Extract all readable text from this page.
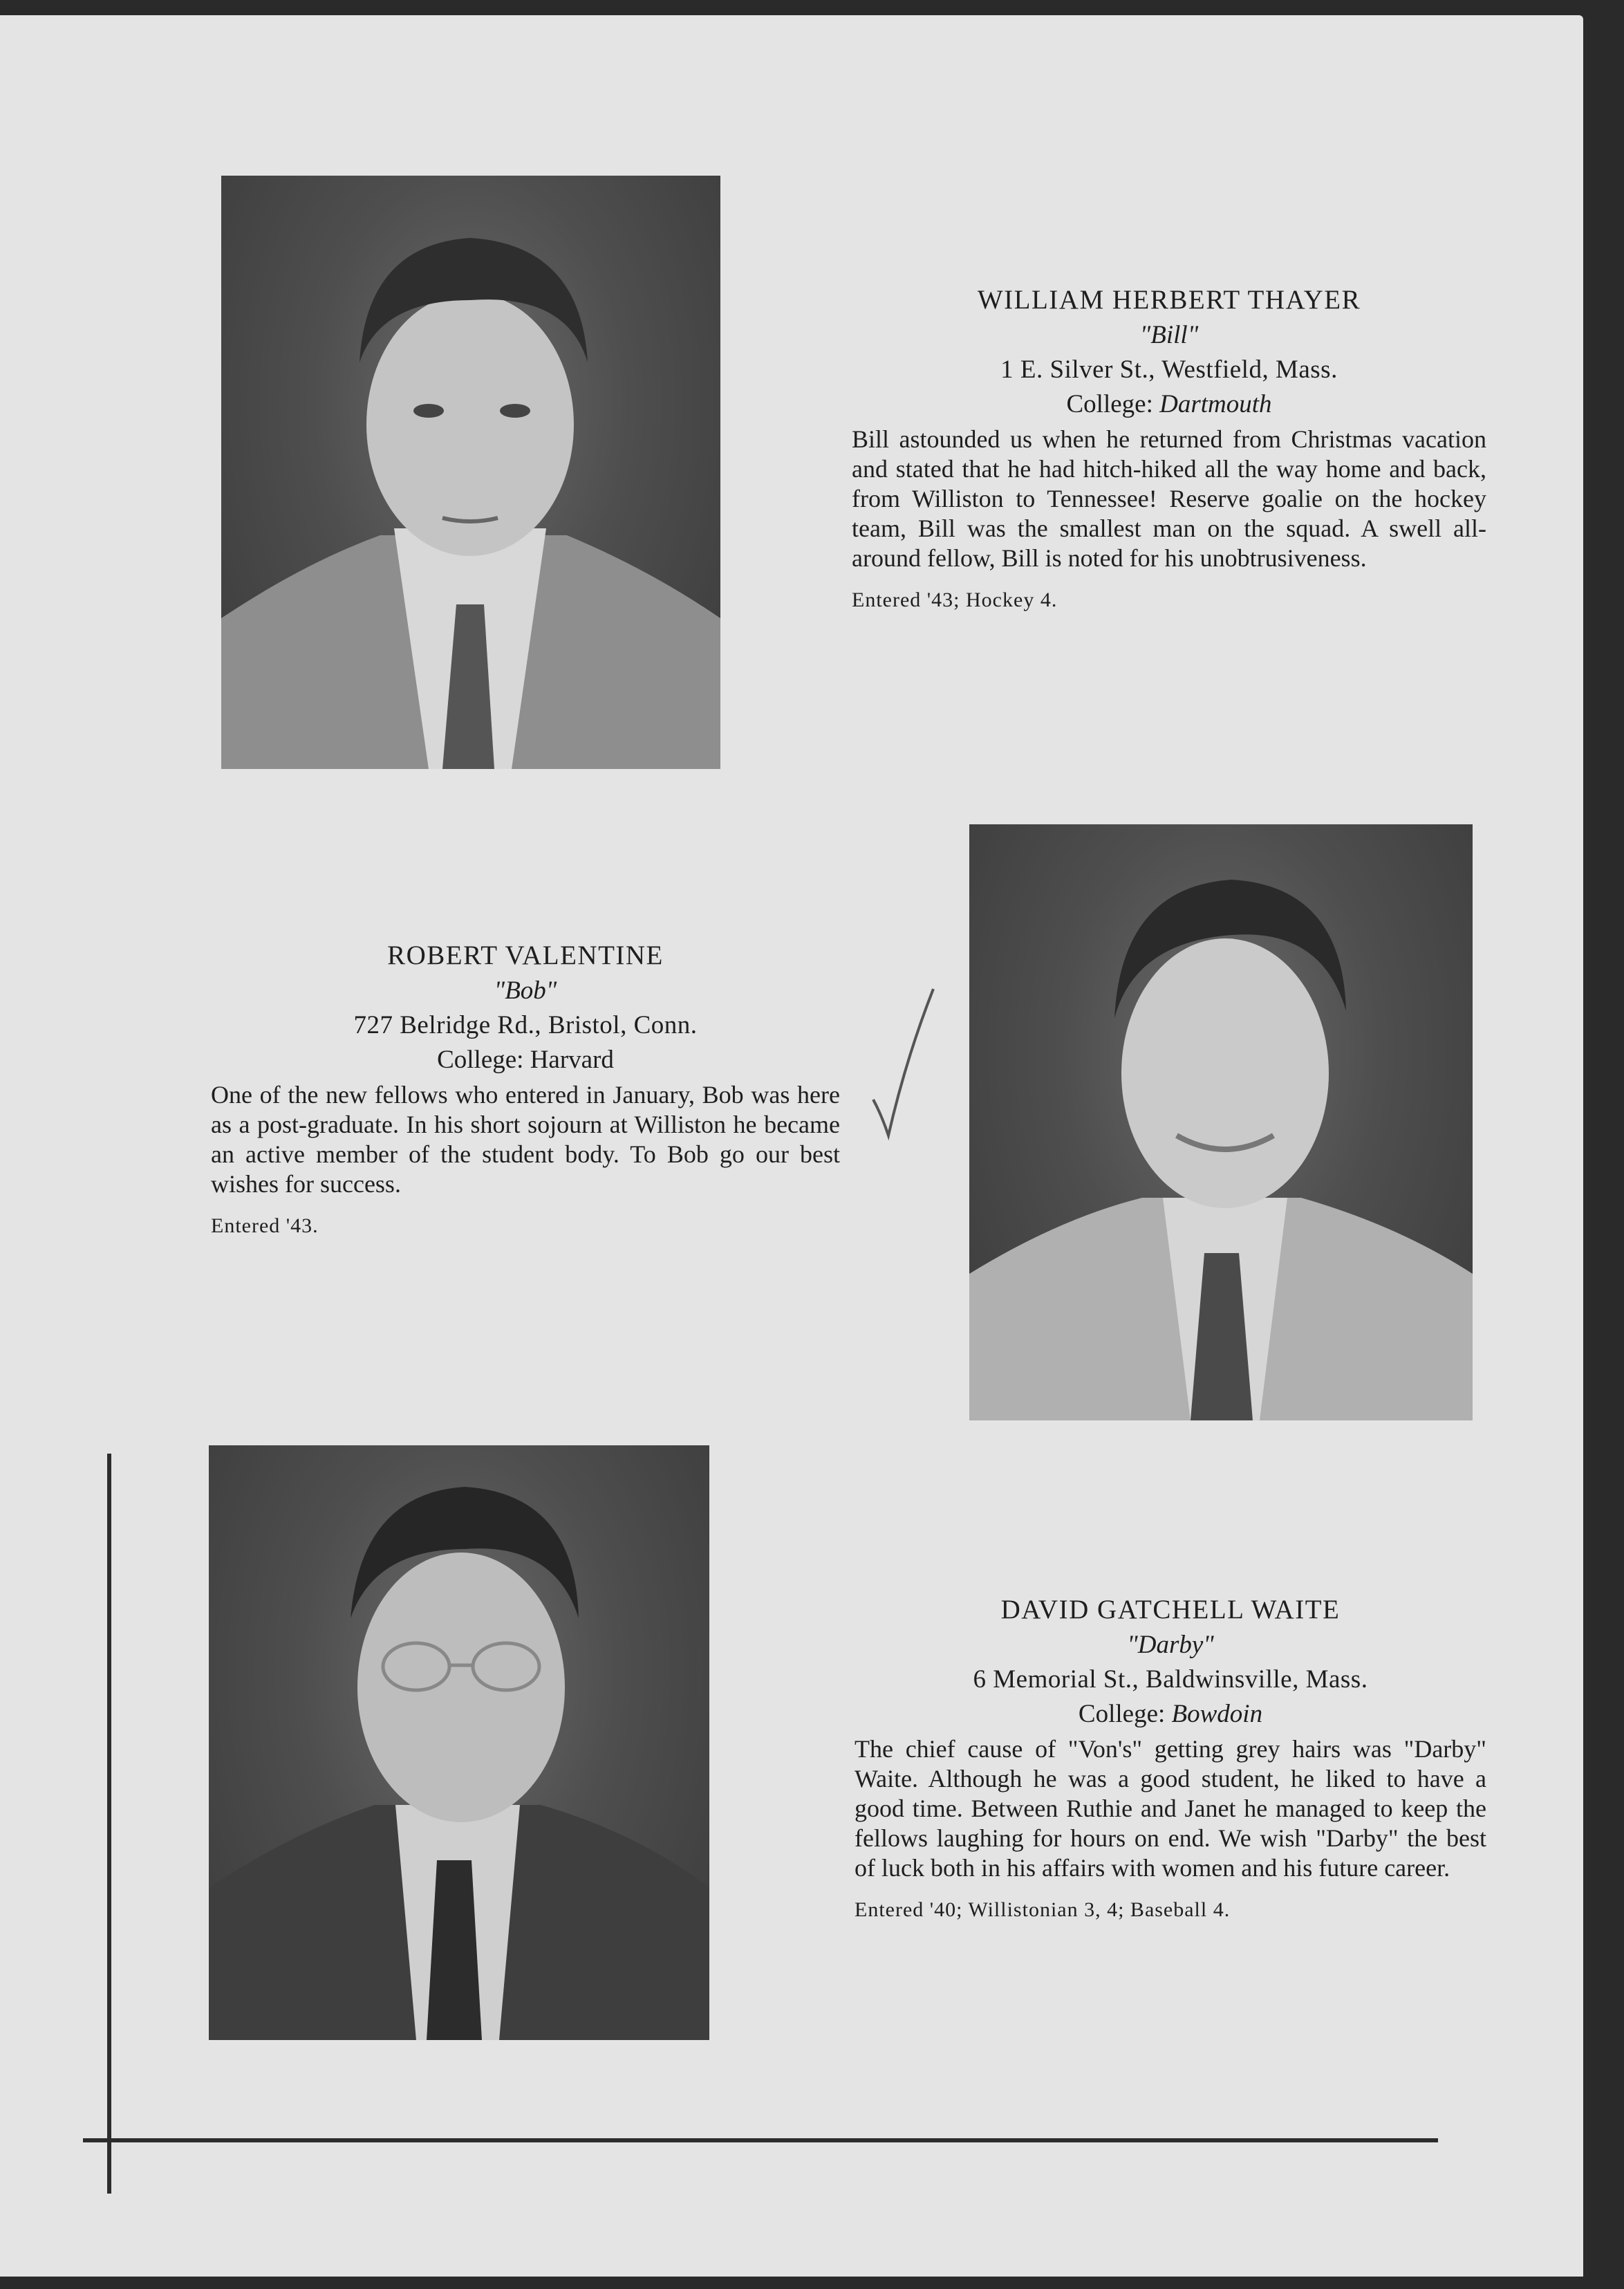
WILLIAM HERBERT THAYER
"Bill"
1 E. Silver St., Westfield, Mass.
College: Dartmouth
Bill astounded us when he returned from Christmas vacation and stated that he had hitch-hiked all the way home and back, from Williston to Tennessee! Reserve goalie on the hockey team, Bill was the smallest man on the squad. A swell all-around fellow, Bill is noted for his unobtrusiveness.
Entered '43; Hockey 4.
ROBERT VALENTINE
"Bob"
727 Belridge Rd., Bristol, Conn.
College: Harvard
One of the new fellows who entered in January, Bob was here as a post-graduate. In his short sojourn at Williston he became an active member of the student body. To Bob go our best wishes for success.
Entered '43.
DAVID GATCHELL WAITE
"Darby"
6 Memorial St., Baldwinsville, Mass.
College: Bowdoin
The chief cause of "Von's" getting grey hairs was "Darby" Waite. Although he was a good student, he liked to have a good time. Between Ruthie and Janet he managed to keep the fellows laughing for hours on end. We wish "Darby" the best of luck both in his affairs with women and his future career.
Entered '40; Willistonian 3, 4; Baseball 4.
